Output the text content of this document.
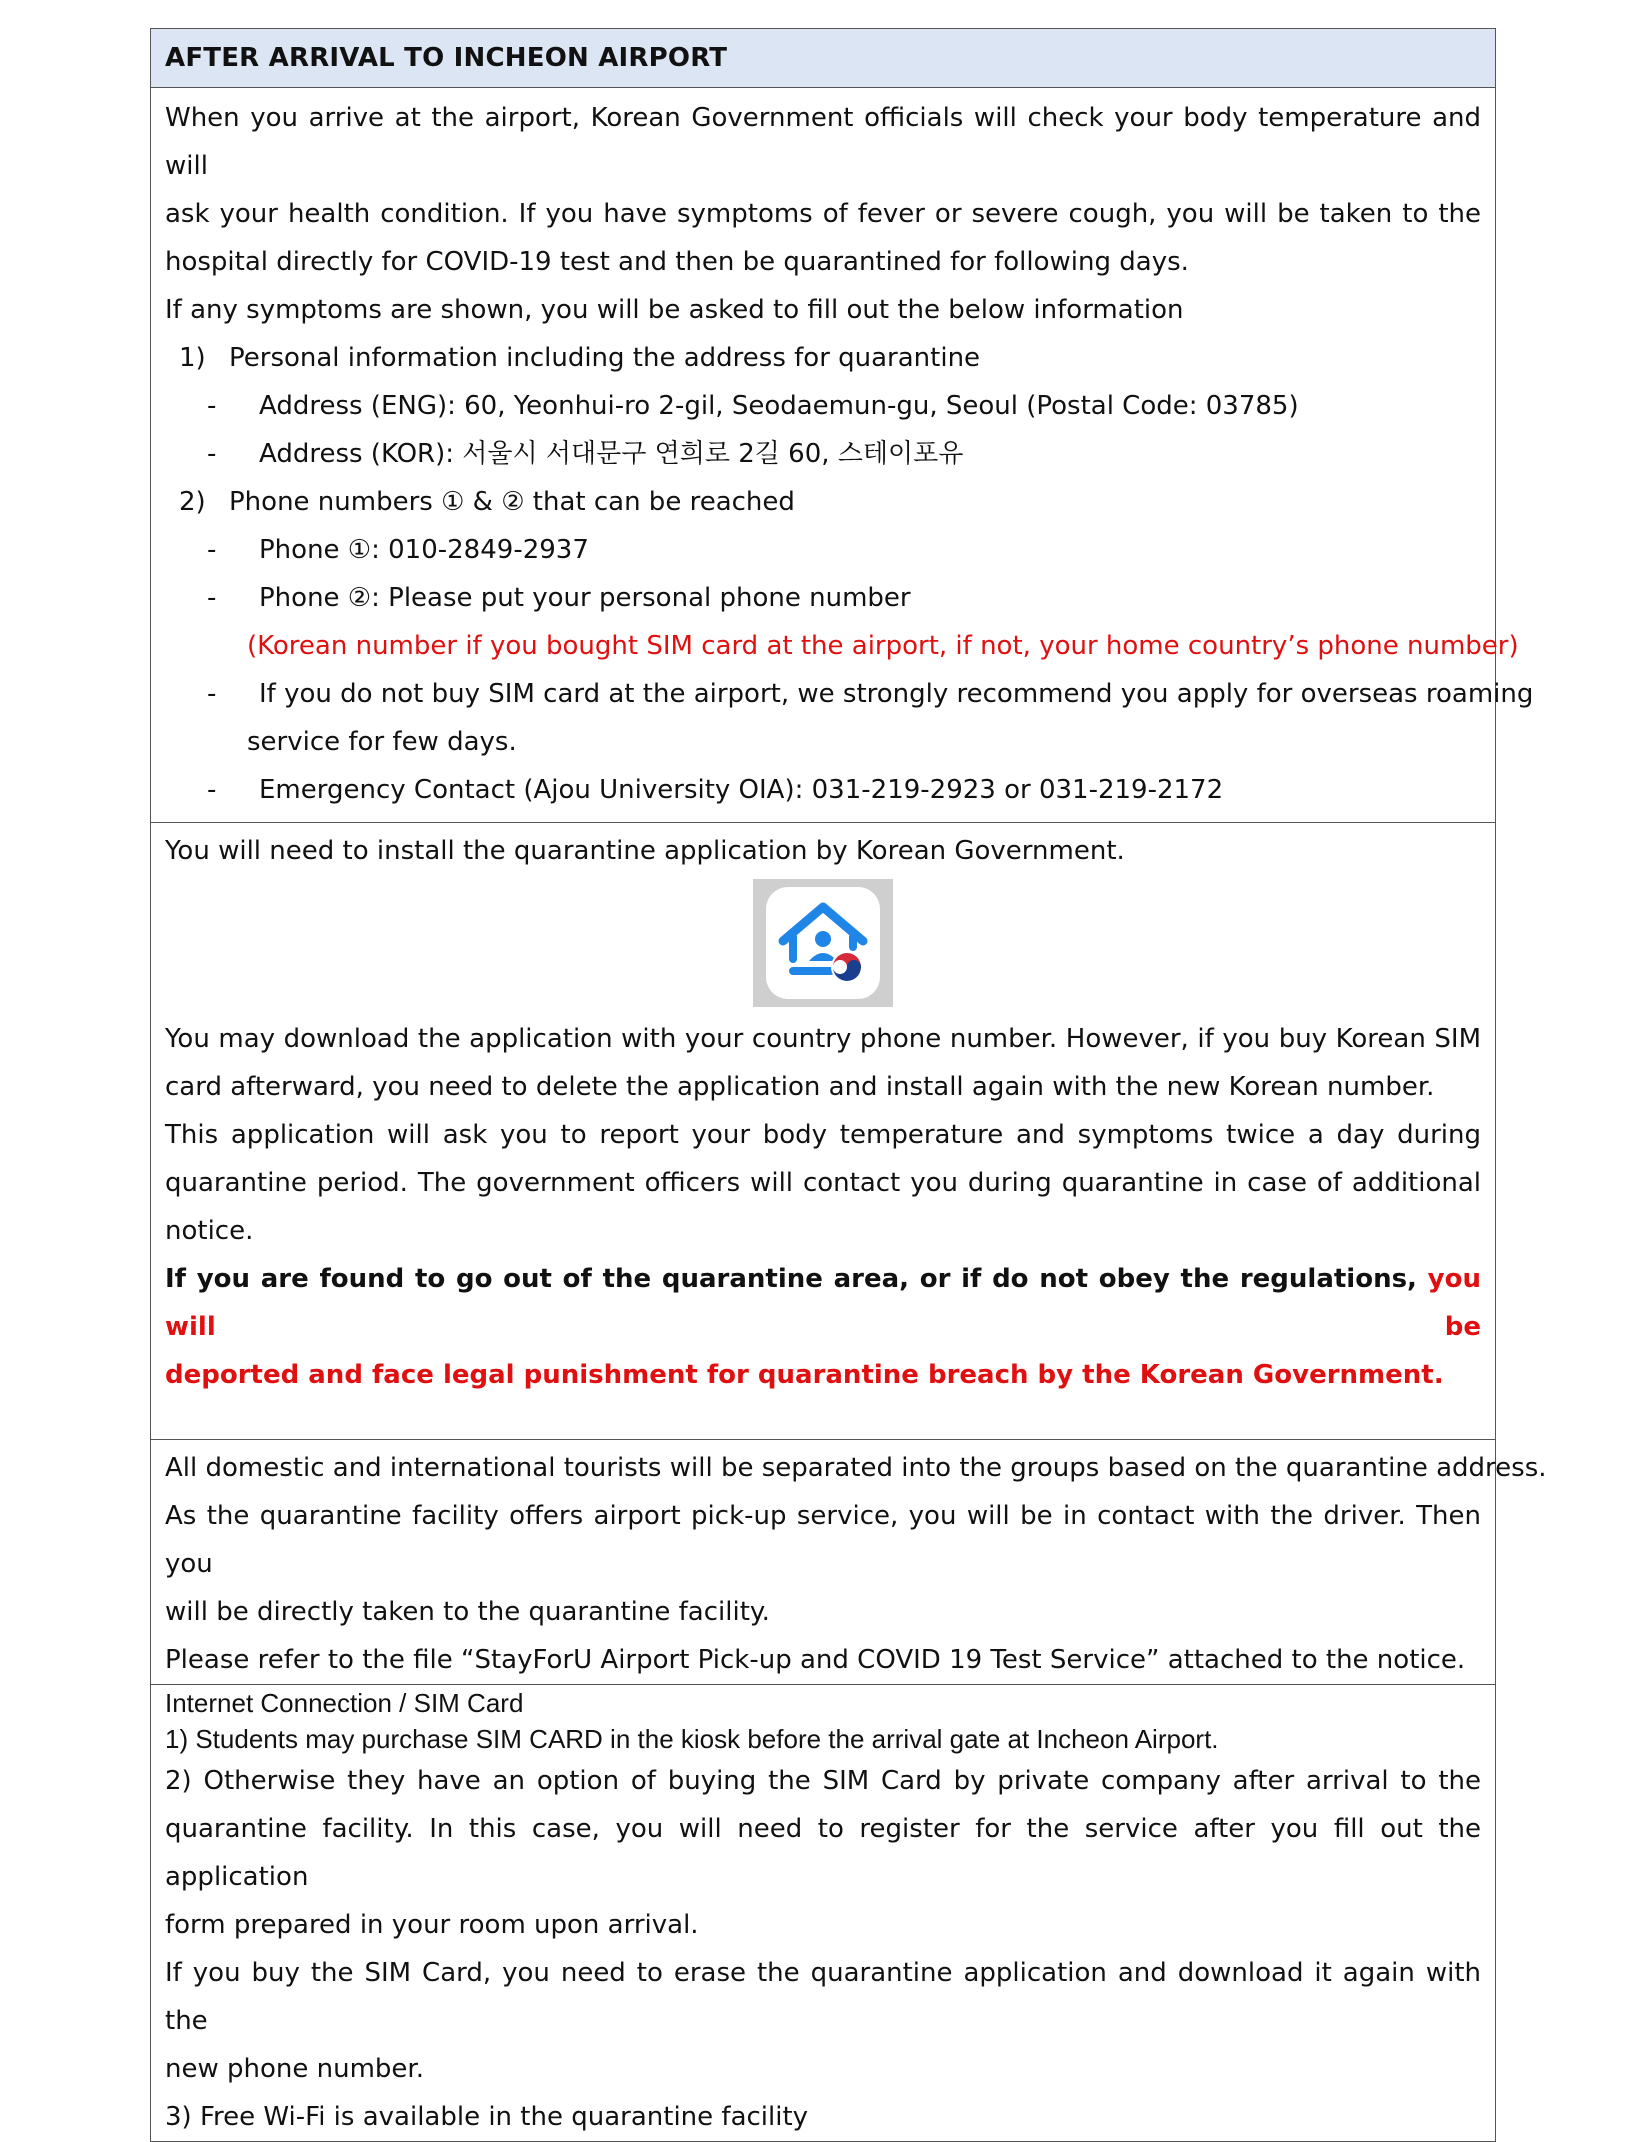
AFTER ARRIVAL TO INCHEON AIRPORT
When you arrive at the airport, Korean Government officials will check your body temperature and will
ask your health condition. If you have symptoms of fever or severe cough, you will be taken to the
hospital directly for COVID-19 test and then be quarantined for following days.
If any symptoms are shown, you will be asked to fill out the below information
1) Personal information including the address for quarantine
- Address (ENG): 60, Yeonhui-ro 2-gil, Seodaemun-gu, Seoul (Postal Code: 03785)
- Address (KOR): 서울시 서대문구 연희로 2길 60, 스테이포유
2) Phone numbers ① & ② that can be reached
- Phone ①: 010-2849-2937
- Phone ②: Please put your personal phone number
(Korean number if you bought SIM card at the airport, if not, your home country’s phone number)
- If you do not buy SIM card at the airport, we strongly recommend you apply for overseas roaming
service for few days.
- Emergency Contact (Ajou University OIA): 031-219-2923 or 031-219-2172
You will need to install the quarantine application by Korean Government.
You may download the application with your country phone number. However, if you buy Korean SIM
card afterward, you need to delete the application and install again with the new Korean number.
This application will ask you to report your body temperature and symptoms twice a day during
quarantine period. The government officers will contact you during quarantine in case of additional
notice.
If you are found to go out of the quarantine area, or if do not obey the regulations, you will be
deported and face legal punishment for quarantine breach by the Korean Government.
All domestic and international tourists will be separated into the groups based on the quarantine address.
As the quarantine facility offers airport pick-up service, you will be in contact with the driver. Then you
will be directly taken to the quarantine facility.
Please refer to the file “StayForU Airport Pick-up and COVID 19 Test Service” attached to the notice.
Internet Connection / SIM Card
1) Students may purchase SIM CARD in the kiosk before the arrival gate at Incheon Airport.
2) Otherwise they have an option of buying the SIM Card by private company after arrival to the
quarantine facility. In this case, you will need to register for the service after you fill out the application
form prepared in your room upon arrival.
If you buy the SIM Card, you need to erase the quarantine application and download it again with the
new phone number.
3) Free Wi-Fi is available in the quarantine facility
